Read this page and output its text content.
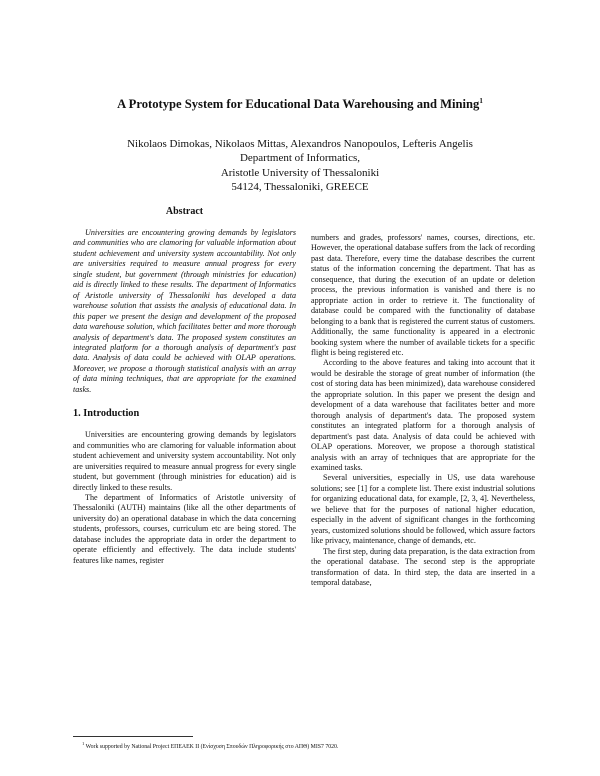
A Prototype System for Educational Data Warehousing and Mining$^1$
Nikolaos Dimokas, Nikolaos Mittas, Alexandros Nanopoulos, Lefteris Angelis
Department of Informatics,
Aristotle University of Thessaloniki
54124, Thessaloniki, GREECE
Abstract

Universities are encountering growing demands by legislators and communities who are clamoring for valuable information about student achievement and university system accountability. Not only are universities required to measure annual progress for every single student, but government (through ministries for education) aid is directly linked to these results. The department of Informatics of Aristotle university of Thessaloniki has developed a data warehouse solution that assists the analysis of educational data. In this paper we present the design and development of the proposed data warehouse solution, which facilitates better and more thorough analysis of department's data. The proposed system constitutes an integrated platform for a thorough analysis of department's past data. Analysis of data could be achieved with OLAP operations. Moreover, we propose a thorough statistical analysis with an array of data mining techniques, that are appropriate for the examined tasks.

1. Introduction

Universities are encountering growing demands by legislators and communities who are clamoring for valuable information about student achievement and university system accountability. Not only are universities required to measure annual progress for every single student, but government (through ministries for education) aid is directly linked to these results.

The department of Informatics of Aristotle university of Thessaloniki (AUTH) maintains (like all the other departments of university do) an operational database in which the data concerning students, professors, courses, curriculum etc are being stored. The database includes the appropriate data in order the department to operate efficiently and effectively. The data include students' features like names, register

numbers and grades, professors' names, courses, directions, etc. However, the operational database suffers from the lack of recording past data. Therefore, every time the database describes the current status of the information concerning the department. That has as consequence, that during the execution of an update or deletion process, the previous information is vanished and there is no appropriate action in order to retrieve it. The functionality of database could be compared with the functionality of database belonging to a bank that is registered the current status of customers. Additionally, the same functionality is appeared in a electronic booking system where the number of available tickets for a specific flight is being registered etc.

According to the above features and taking into account that it would be desirable the storage of great number of information (the cost of storing data has been minimized), data warehouse considered the appropriate solution. In this paper we present the design and development of a data warehouse that facilitates better and more thorough analysis of department's data. The proposed system constitutes an integrated platform for a thorough analysis of department's past data. Analysis of data could be achieved with OLAP operations. Moreover, we propose a thorough statistical analysis with an array of techniques that are appropriate for the examined tasks.

Several universities, especially in US, use data warehouse solutions; see [1] for a complete list. There exist industrial solutions for organizing educational data, for example, [2, 3, 4]. Nevertheless, we believe that for the purposes of national higher education, especially in the advent of significant changes in the forthcoming years, customized solutions should be followed, which assure factors like privacy, maintenance, change of demands, etc.

The first step, during data preparation, is the data extraction from the operational database. The second step is the appropriate transformation of data. In third step, the data are inserted in a temporal database,

$^1$ Work supported by National Project ΕΠΕΑΕΚ ΙΙ (Ενίσχυση Σπουδών Πληροφορικής στο ΑΠΘ) MIS7 7020.
